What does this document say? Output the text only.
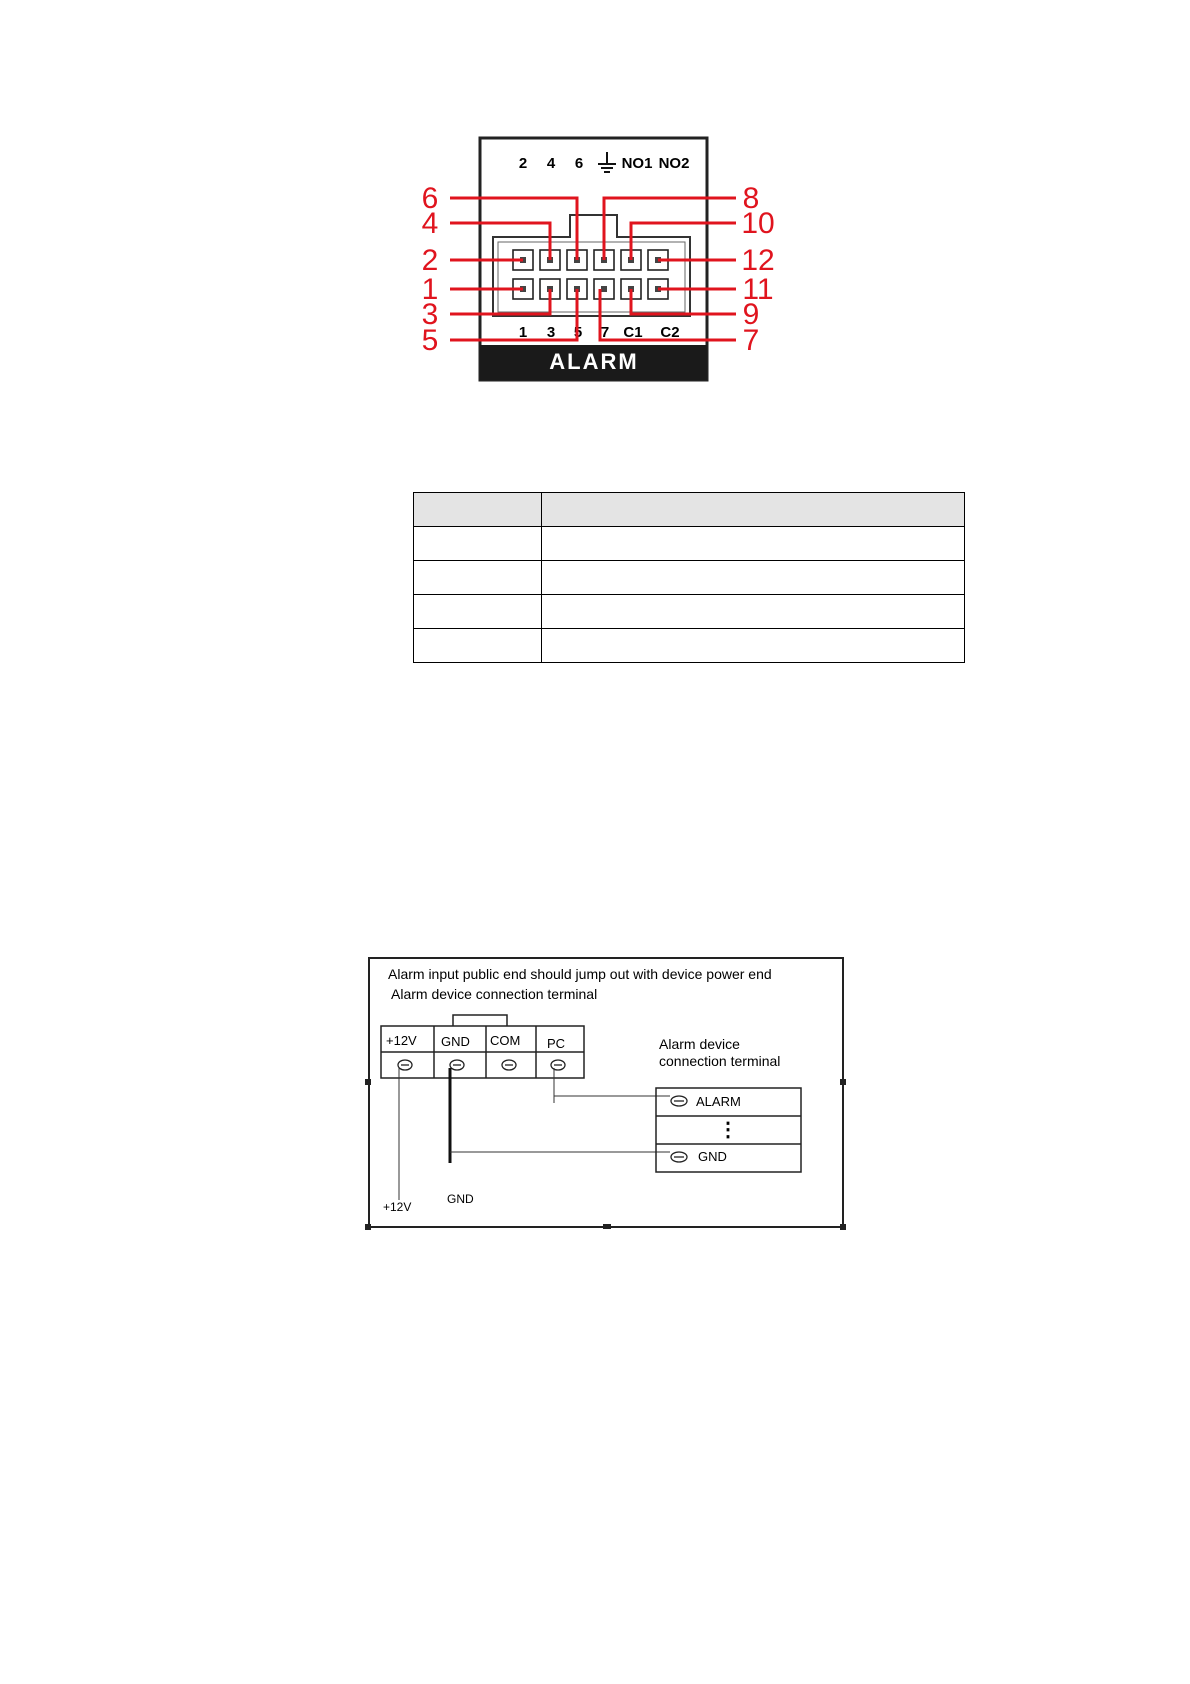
ALARM
2 4 6	NO1 NO2
1 3 5 7 C1 C2
6
4
2
1
3
5
8
10
12
11
9
7

Alarm input public end should jump out with device power end
Alarm device connection terminal
+12V GND COM PC	Alarm device
connection terminal
ALARM
⋮
GND
+12V
GND
